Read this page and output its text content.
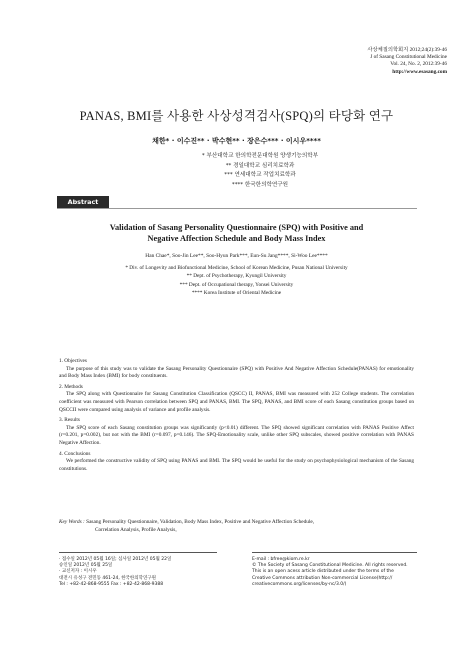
사상체질의학회지 2012;24(2):39-46
J of Sasang Constitutional Medicine
Vol. 24, No. 2, 2012:39-46
http://www.esasang.com
PANAS, BMI를 사용한 사상성격검사(SPQ)의 타당화 연구
채한* · 이수진** · 박수현** · 장은수*** · 이시우****
* 부산대학교 한의학전문대학원 양생기능의학부
** 경일대학교 심리치료학과
*** 연세대학교 작업치료학과
**** 한국한의학연구원
Abstract
Validation of Sasang Personality Questionnaire (SPQ) with Positive and
Negative Affection Schedule and Body Mass Index
Han Chae*, Soo-Jin Lee**, Soo-Hyun Park***, Eun-Su Jang****, Si-Woo Lee****
* Div. of Longevity and Biofunctional Medicine, School of Korean Medicine, Pusan National University
** Dept. of Psychotherapy, Kyungil University
*** Dept. of Occupational therapy, Yonsei University
**** Korea Institute of Oriental Medicine
1. Objectives

The purpose of this study was to validate the Sasang Personality Questionnaire (SPQ) with Positive And Negative Affection Schedule(PANAS) for emotionality and Body Mass Index (BMI) for body constituents.

2. Methods

The SPQ along with Questionnaire for Sasang Constitution Classification (QSCC) II, PANAS, BMI was measured with 252 College students. The correlation coefficient was measured with Pearson correlation between SPQ and PANAS, BMI. The SPQ, PANAS, and BMI score of each Sasang constitution groups based on QSCCII were compared using analysis of variance and profile analysis.

3. Results

The SPQ score of each Sasang constitution groups was significantly (p<0.01) different. The SPQ showed significant correlation with PANAS Positive Affect (r=0.201, p=0.002), but not with the BMI (r=0.097, p=0.146). The SPQ-Emotionality scale, unlike other SPQ subscales, showed positive correlation with PANAS Negative Affection.

4. Conclusions

We performed the constructive validity of SPQ using PANAS and BMI. The SPQ would be useful for the study on psychophysiological mechanism of the Sasang constitutions.

Key Words : Sasang Personality Questionnaire, Validation, Body Mass Index, Positive and Negative Affection Schedule,
Correlation Analysis, Profile Analysis,
· 접수일 2012년 05월 16일; 심사일 2012년 05월 22일
승인일 2012년 05월 25일
· 교신저자 : 이시우
대전시 유성구 전민동 461-24, 한국한의학연구원
Tel : +82-42-868-9555 Fax : +82-42-868-9388
E-mail : bfree@kiom.re.kr
© The Society of Sasang Constitutional Medicine. All rights reserved.
This is an open acess article distributed under the terms of the
Creative Commons attribution Non-commercial License(http://
creativecommons.org/licenses/by-nc/3.0/)
